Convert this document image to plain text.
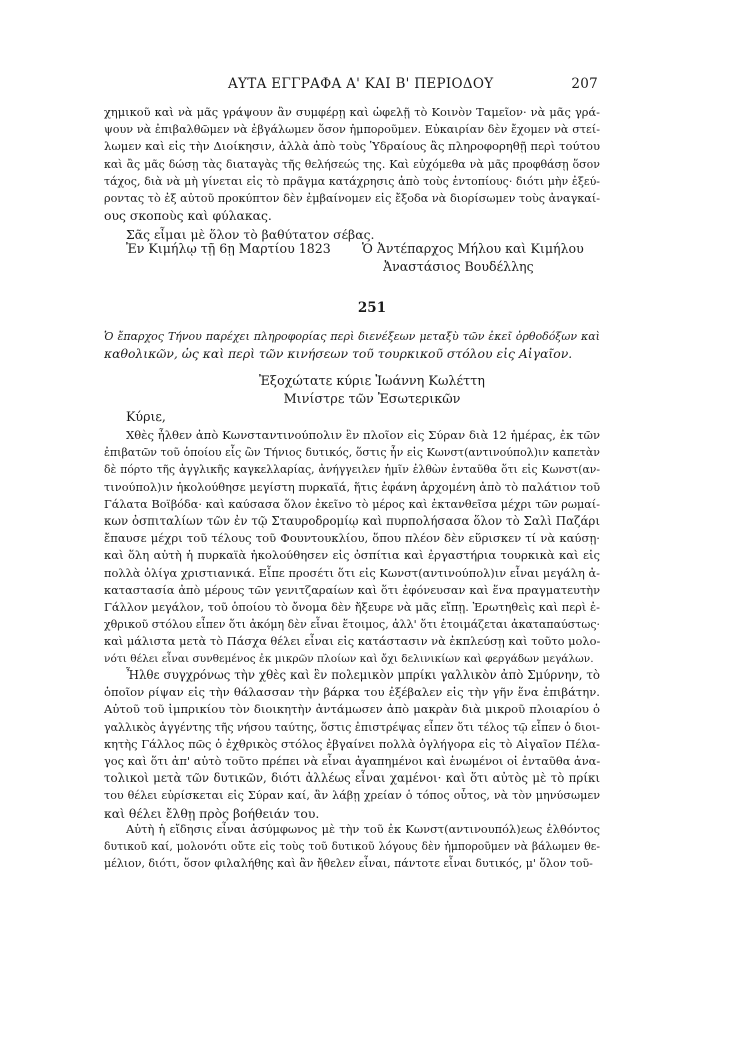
ΑΥΤΑ ΕΓΓΡΑΦΑ Α' ΚΑΙ Β' ΠΕΡΙΟΔΟΥ	207

χημικοῦ καὶ νὰ μᾶς γράψουν ἂν συμφέρῃ καὶ ὠφελῇ τὸ Κοινὸν Ταμεῖον· νὰ μᾶς γρά-

ψουν νὰ ἐπιβαλθῶμεν νὰ ἐβγάλωμεν ὅσον ἠμποροῦμεν. Εὐκαιρίαν δὲν ἔχομεν νὰ στεί-

λωμεν καὶ εἰς τὴν Διοίκησιν, ἀλλὰ ἀπὸ τοὺς Ὑδραίους ἂς πληροφορηθῇ περὶ τούτου

καὶ ἂς μᾶς δώσῃ τὰς διαταγὰς τῆς θελήσεώς της. Καὶ εὐχόμεθα νὰ μᾶς προφθάσῃ ὅσον

τάχος, διὰ νὰ μὴ γίνεται εἰς τὸ πρᾶγμα κατάχρησις ἀπὸ τοὺς ἐντοπίους· διότι μὴν ἐξεύ-

ροντας τὸ ἐξ αὐτοῦ προκύπτον δὲν ἐμβαίνομεν εἰς ἔξοδα νὰ διορίσωμεν τοὺς ἀναγκαί-

ους σκοποὺς καὶ φύλακας.

Σᾶς εἶμαι μὲ ὅλον τὸ βαθύτατον σέβας.

Ἐν Κιμήλῳ τῇ 6ῃ Μαρτίου 1823 Ὁ Ἀντέπαρχος Μήλου καὶ Κιμήλου
Ἀναστάσιος Βουδέλλης
251

Ὁ ἔπαρχος Τήνου παρέχει πληροφορίας περὶ διενέξεων μεταξὺ τῶν ἐκεῖ ὀρθοδόξων καὶ

καθολικῶν, ὡς καὶ περὶ τῶν κινήσεων τοῦ τουρκικοῦ στόλου εἰς Αἰγαῖον.

Ἐξοχώτατε κύριε Ἰωάννη Κωλέττη
Μινίστρε τῶν Ἐσωτερικῶν
Κύριε,

Χθὲς ἦλθεν ἀπὸ Κωνσταντινούπολιν ἓν πλοῖον εἰς Σύραν διὰ 12 ἡμέρας, ἐκ τῶν

ἐπιβατῶν τοῦ ὁποίου εἷς ὢν Τήνιος δυτικός, ὅστις ἦν εἰς Κωνστ(αντινούπολ)ιν καπετὰν

δὲ πόρτο τῆς ἀγγλικῆς καγκελλαρίας, ἀνήγγειλεν ἡμῖν ἐλθὼν ἐνταῦθα ὅτι εἰς Κωνστ(αν-

τινούπολ)ιν ἠκολούθησε μεγίστη πυρκαϊά, ἥτις ἐφάνη ἀρχομένη ἀπὸ τὸ παλάτιον τοῦ

Γάλατα Βοϊβόδα· καὶ καύσασα ὅλον ἐκεῖνο τὸ μέρος καὶ ἐκτανθεῖσα μέχρι τῶν ρωμαί-

κων ὀσπιταλίων τῶν ἐν τῷ Σταυροδρομίῳ καὶ πυρπολήσασα ὅλον τὸ Σαλὶ Παζάρι

ἔπαυσε μέχρι τοῦ τέλους τοῦ Φουντουκλίου, ὅπου πλέον δὲν εὕρισκεν τί νὰ καύσῃ·

καὶ ὅλη αὐτὴ ἡ πυρκαϊὰ ἠκολούθησεν εἰς ὀσπίτια καὶ ἐργαστήρια τουρκικὰ καὶ εἰς

πολλὰ ὀλίγα χριστιανικά. Εἶπε προσέτι ὅτι εἰς Κωνστ(αντινούπολ)ιν εἶναι μεγάλη ἀ-

καταστασία ἀπὸ μέρους τῶν γενιτζαραίων καὶ ὅτι ἐφόνευσαν καὶ ἕνα πραγματευτὴν

Γάλλον μεγάλον, τοῦ ὁποίου τὸ ὄνομα δὲν ἤξευρε νὰ μᾶς εἴπῃ. Ἐρωτηθεὶς καὶ περὶ ἐ-

χθρικοῦ στόλου εἶπεν ὅτι ἀκόμη δὲν εἶναι ἕτοιμος, ἀλλ' ὅτι ἑτοιμάζεται ἀκαταπαύστως·

καὶ μάλιστα μετὰ τὸ Πάσχα θέλει εἶναι εἰς κατάστασιν νὰ ἐκπλεύσῃ καὶ τοῦτο μολο-

νότι θέλει εἶναι συνθεμένος ἐκ μικρῶν πλοίων καὶ ὄχι δελινικίων καὶ φεργάδων μεγάλων.

Ἦλθε συγχρόνως τὴν χθὲς καὶ ἓν πολεμικὸν μπρίκι γαλλικὸν ἀπὸ Σμύρνην, τὸ

ὁποῖον ρίψαν εἰς τὴν θάλασσαν τὴν βάρκα του ἐξέβαλεν εἰς τὴν γῆν ἕνα ἐπιβάτην.

Αὐτοῦ τοῦ ἰμπρικίου τὸν διοικητὴν ἀντάμωσεν ἀπὸ μακρὰν διὰ μικροῦ πλοιαρίου ὁ

γαλλικὸς ἀγγέντης τῆς νήσου ταύτης, ὅστις ἐπιστρέψας εἶπεν ὅτι τέλος τῷ εἶπεν ὁ διοι-

κητὴς Γάλλος πῶς ὁ ἐχθρικὸς στόλος ἐβγαίνει πολλὰ ὀγλήγορα εἰς τὸ Αἰγαῖον Πέλα-

γος καὶ ὅτι ἀπ' αὐτὸ τοῦτο πρέπει νὰ εἶναι ἀγαπημένοι καὶ ἑνωμένοι οἱ ἐνταῦθα ἀνα-

τολικοὶ μετὰ τῶν δυτικῶν, διότι ἀλλέως εἶναι χαμένοι· καὶ ὅτι αὐτὸς μὲ τὸ πρίκι

του θέλει εὑρίσκεται εἰς Σύραν καί, ἂν λάβῃ χρείαν ὁ τόπος οὗτος, νὰ τὸν μηνύσωμεν

καὶ θέλει ἔλθῃ πρὸς βοήθειάν του.

Αὐτὴ ἡ εἴδησις εἶναι ἀσύμφωνος μὲ τὴν τοῦ ἐκ Κωνστ(αντινουπόλ)εως ἐλθόντος

δυτικοῦ καί, μολονότι οὔτε εἰς τοὺς τοῦ δυτικοῦ λόγους δὲν ἠμποροῦμεν νὰ βάλωμεν θε-

μέλιον, διότι, ὅσον φιλαλήθης καὶ ἂν ἤθελεν εἶναι, πάντοτε εἶναι δυτικός, μ' ὅλον τοῦ-
